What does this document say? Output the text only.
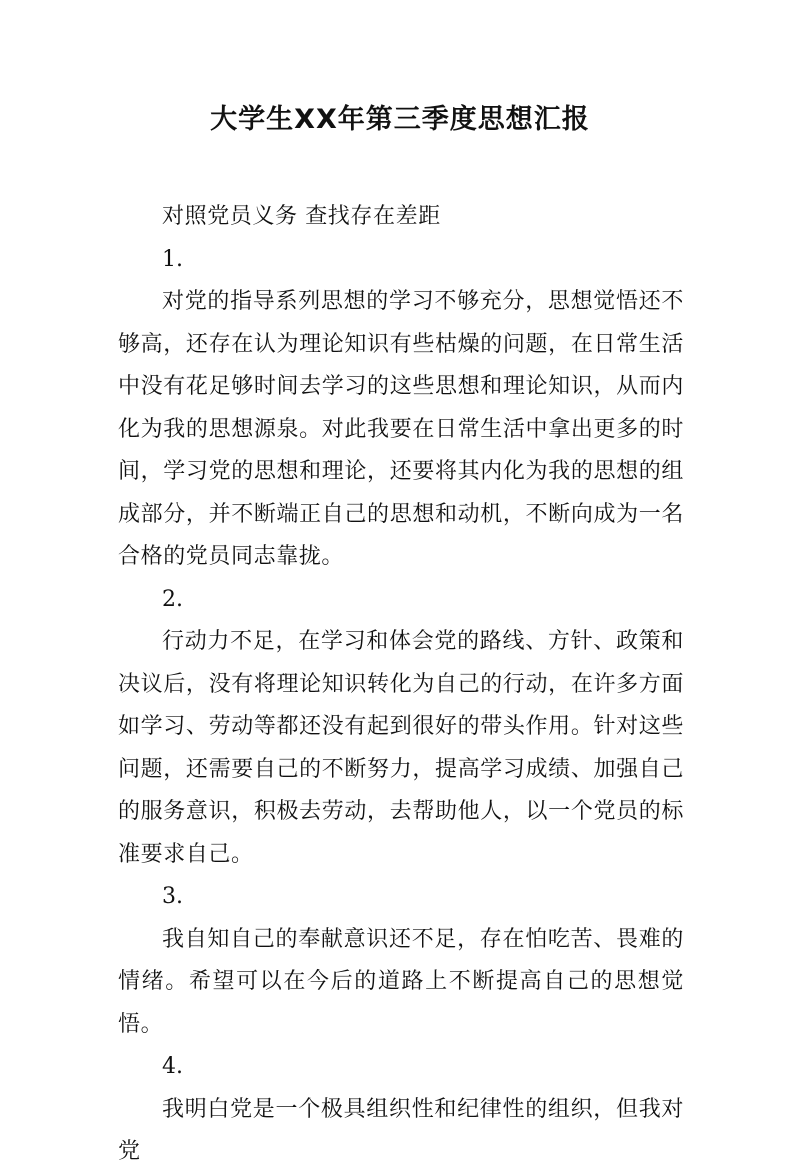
大学生XX年第三季度思想汇报

对照党员义务 查找存在差距

1.

对党的指导系列思想的学习不够充分，思想觉悟还不够高，还存在认为理论知识有些枯燥的问题，在日常生活中没有花足够时间去学习的这些思想和理论知识，从而内化为我的思想源泉。对此我要在日常生活中拿出更多的时间，学习党的思想和理论，还要将其内化为我的思想的组成部分，并不断端正自己的思想和动机，不断向成为一名合格的党员同志靠拢。

2.

行动力不足，在学习和体会党的路线、方针、政策和决议后，没有将理论知识转化为自己的行动，在许多方面如学习、劳动等都还没有起到很好的带头作用。针对这些问题，还需要自己的不断努力，提高学习成绩、加强自己的服务意识，积极去劳动，去帮助他人，以一个党员的标准要求自己。

3.

我自知自己的奉献意识还不足，存在怕吃苦、畏难的情绪。希望可以在今后的道路上不断提高自己的思想觉悟。

4.

我明白党是一个极具组织性和纪律性的组织，但我对党
